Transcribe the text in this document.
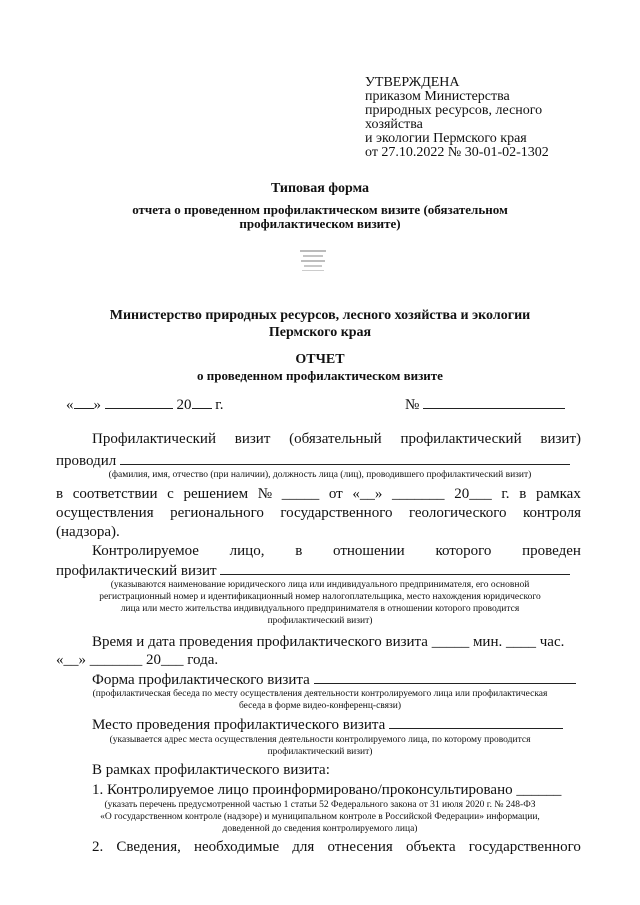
УТВЕРЖДЕНА
приказом Министерства
природных ресурсов, лесного
хозяйства
и экологии Пермского края
от 27.10.2022 № 30-01-02-1302
Типовая форма
отчета о проведенном профилактическом визите (обязательном
профилактическом визите)
Министерство природных ресурсов, лесного хозяйства и экологии
Пермского края
ОТЧЕТ
о проведенном профилактическом визите
« »	20 г.	№
Профилактический визит (обязательный профилактический визит)
проводил
(фамилия, имя, отчество (при наличии), должность лица (лиц), проводившего профилактический визит)
в соответствии с решением № _____ от «__» _______ 20___ г. в рамках
осуществления регионального государственного геологического контроля
(надзора).
Контролируемое лицо, в отношении которого проведен
профилактический визит
(указываются наименование юридического лица или индивидуального предпринимателя, его основной
регистрационный номер и идентификационный номер налогоплательщика, место нахождения юридического
лица или место жительства индивидуального предпринимателя в отношении которого проводится
профилактический визит)
Время и дата проведения профилактического визита _____ мин. ____ час.
«__» _______ 20___ года.
Форма профилактического визита
(профилактическая беседа по месту осуществления деятельности контролируемого лица или профилактическая
беседа в форме видео-конференц-связи)
Место проведения профилактического визита
(указывается адрес места осуществления деятельности контролируемого лица, по которому проводится
профилактический визит)
В рамках профилактического визита:
1. Контролируемое лицо проинформировано/проконсультировано ______
(указать перечень предусмотренной частью 1 статьи 52 Федерального закона от 31 июля 2020 г. № 248-ФЗ
«О государственном контроле (надзоре) и муниципальном контроле в Российской Федерации» информации,
доведенной до сведения контролируемого лица)
2. Сведения, необходимые для отнесения объекта государственного
